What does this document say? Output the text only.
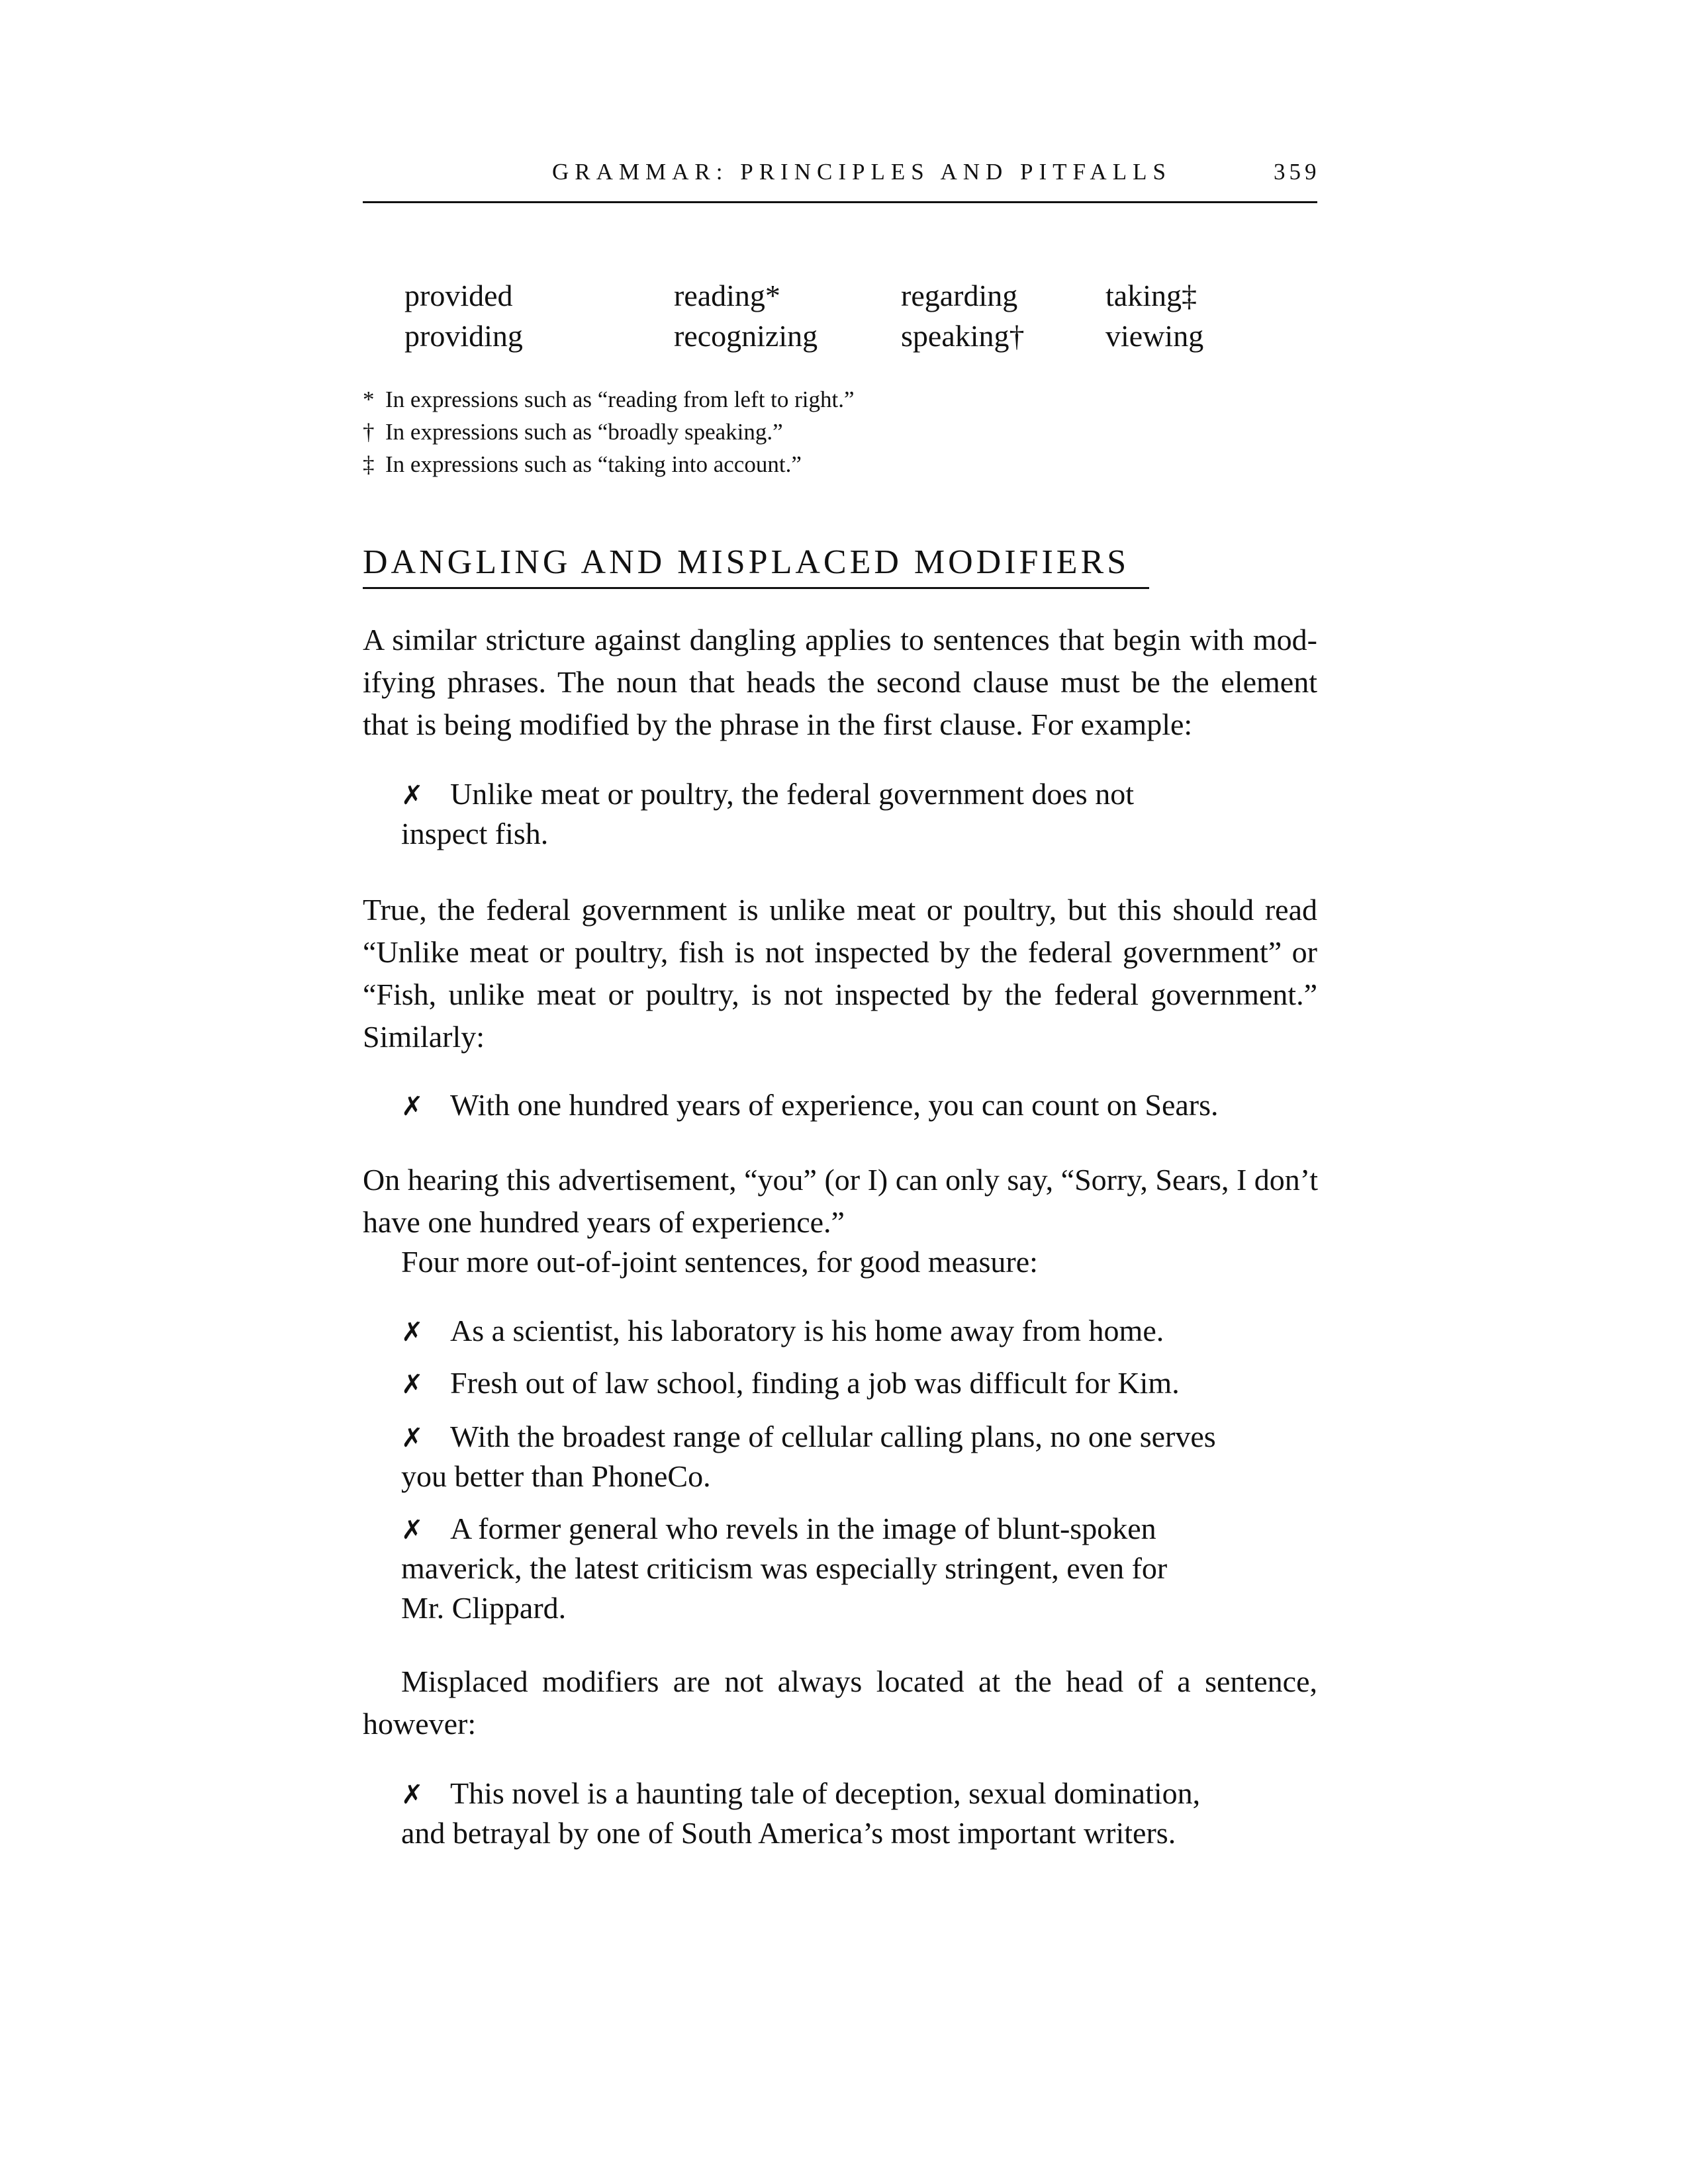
GRAMMAR: PRINCIPLES AND PITFALLS	359
provided	reading*	regarding	taking‡
providing	recognizing	speaking†	viewing
* In expressions such as “reading from left to right.”
† In expressions such as “broadly speaking.”
‡ In expressions such as “taking into account.”
DANGLING AND MISPLACED MODIFIERS
A similar stricture against dangling applies to sentences that begin with mod-
ifying phrases. The noun that heads the second clause must be the element
that is being modified by the phrase in the first clause. For example:
✗ Unlike meat or poultry, the federal government does not
inspect fish.
True, the federal government is unlike meat or poultry, but this should read
“Unlike meat or poultry, fish is not inspected by the federal government” or
“Fish, unlike meat or poultry, is not inspected by the federal government.”
Similarly:
✗ With one hundred years of experience, you can count on Sears.
On hearing this advertisement, “you” (or I) can only say, “Sorry, Sears, I don’t
have one hundred years of experience.”
Four more out-of-joint sentences, for good measure:
✗ As a scientist, his laboratory is his home away from home.
✗ Fresh out of law school, finding a job was difficult for Kim.
✗ With the broadest range of cellular calling plans, no one serves
you better than PhoneCo.
✗ A former general who revels in the image of blunt-spoken
maverick, the latest criticism was especially stringent, even for
Mr. Clippard.
Misplaced modifiers are not always located at the head of a sentence,
however:
✗ This novel is a haunting tale of deception, sexual domination,
and betrayal by one of South America’s most important writers.
